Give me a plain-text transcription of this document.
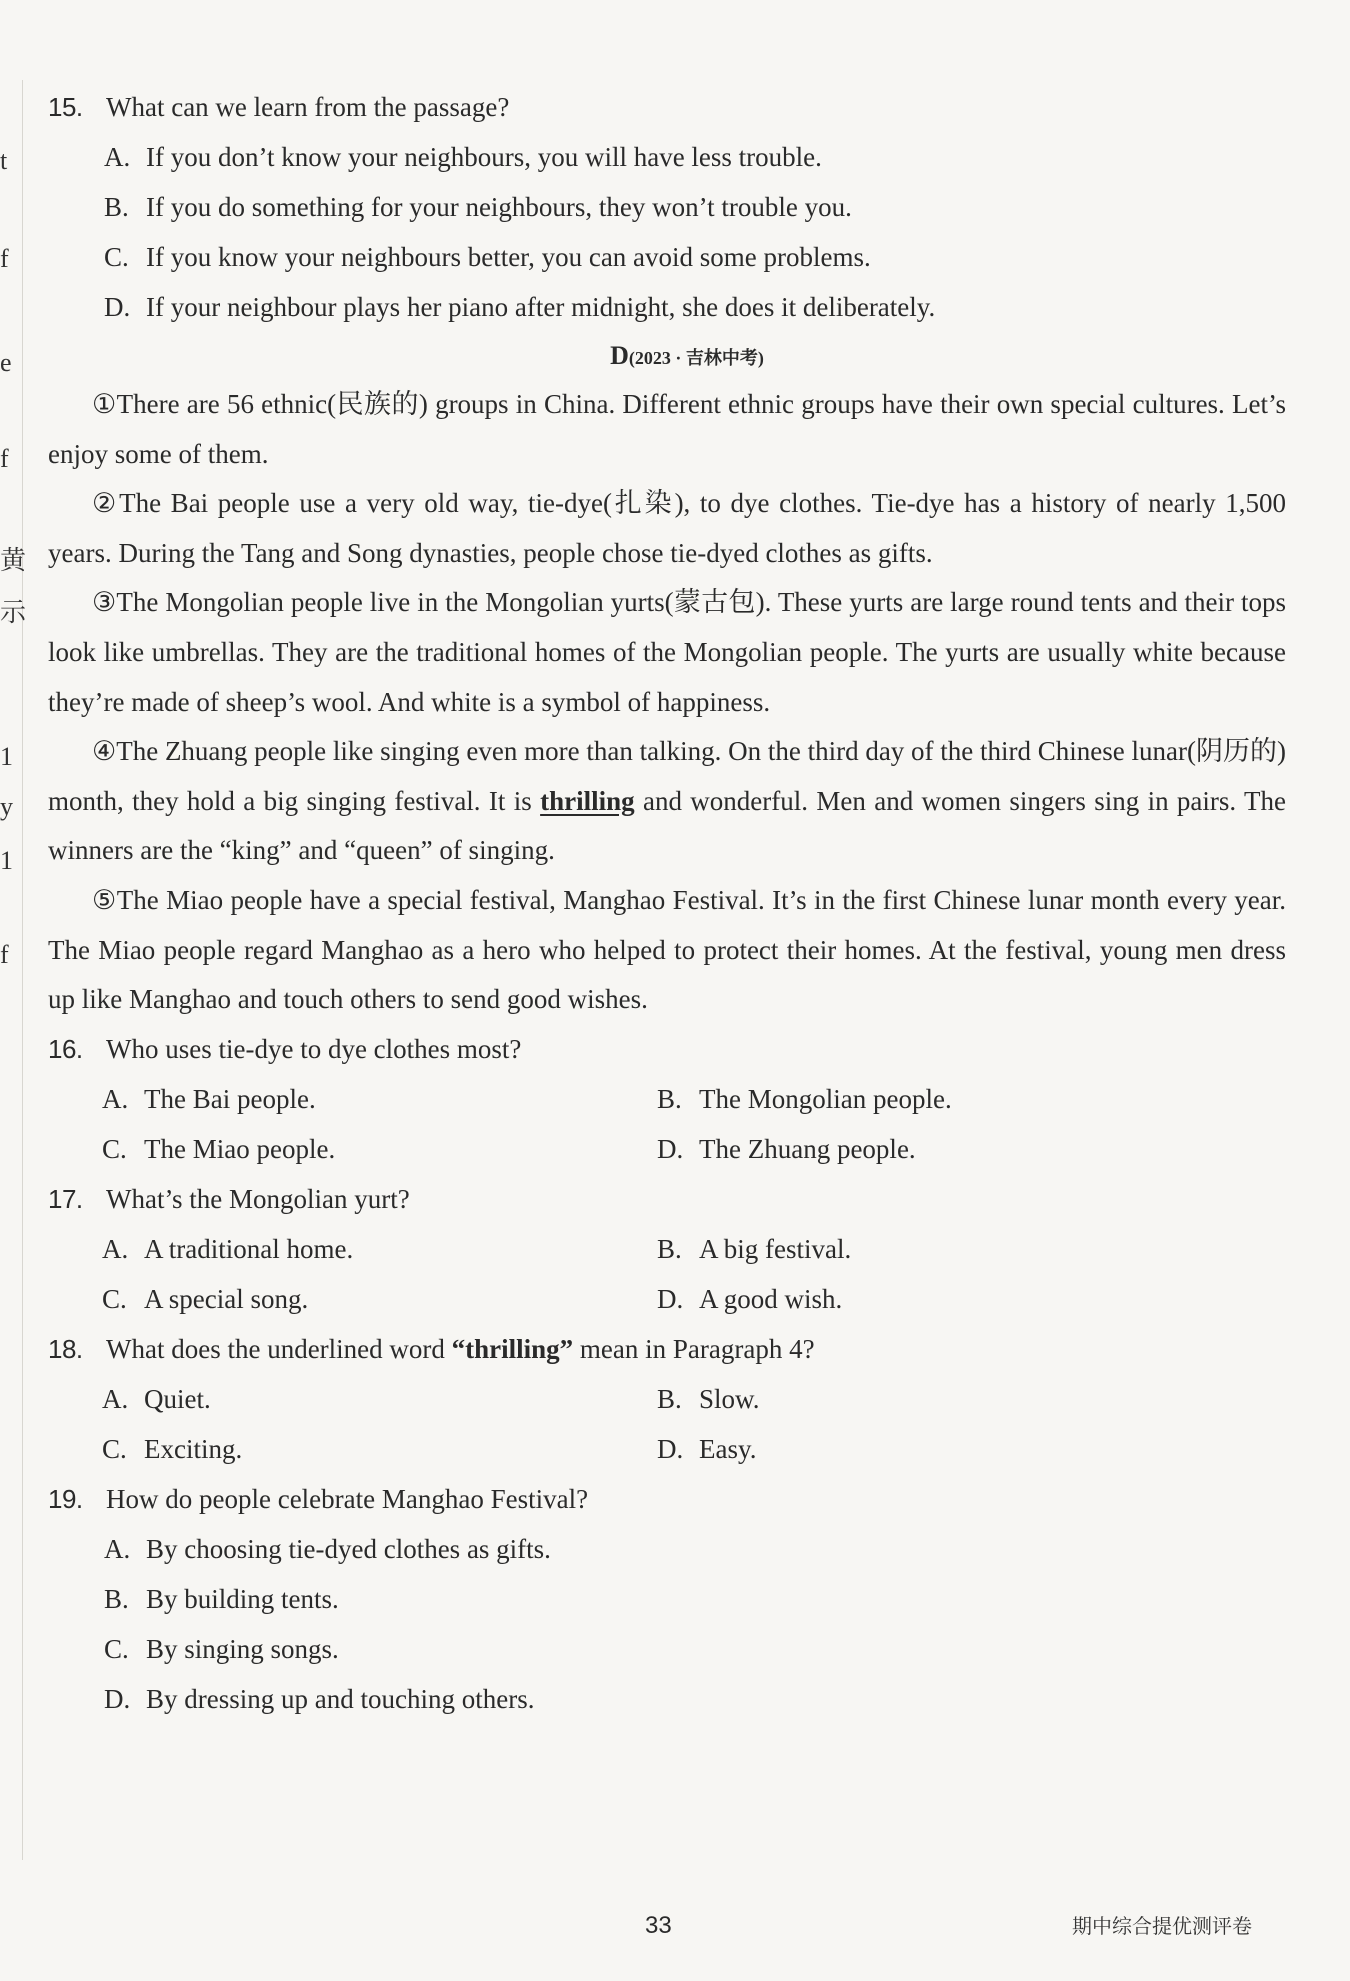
t
f
e
f
黄
示
1
y
1
f
15. What can we learn from the passage?
A. If you don’t know your neighbours, you will have less trouble.
B. If you do something for your neighbours, they won’t trouble you.
C. If you know your neighbours better, you can avoid some problems.
D. If your neighbour plays her piano after midnight, she does it deliberately.
D(2023 · 吉林中考)

①There are 56 ethnic(民族的) groups in China. Different ethnic groups have their own special cultures. Let’s enjoy some of them.

②The Bai people use a very old way, tie-dye(扎染), to dye clothes. Tie-dye has a history of nearly 1,500 years. During the Tang and Song dynasties, people chose tie-dyed clothes as gifts.

③The Mongolian people live in the Mongolian yurts(蒙古包). These yurts are large round tents and their tops look like umbrellas. They are the traditional homes of the Mongolian people. The yurts are usually white because they’re made of sheep’s wool. And white is a symbol of happiness.

④The Zhuang people like singing even more than talking. On the third day of the third Chinese lunar(阴历的) month, they hold a big singing festival. It is thrilling and wonderful. Men and women singers sing in pairs. The winners are the “king” and “queen” of singing.

⑤The Miao people have a special festival, Manghao Festival. It’s in the first Chinese lunar month every year. The Miao people regard Manghao as a hero who helped to protect their homes. At the festival, young men dress up like Manghao and touch others to send good wishes.

16. Who uses tie-dye to dye clothes most?
A. The Bai people.	B. The Mongolian people.
C. The Miao people.	D. The Zhuang people.
17. What’s the Mongolian yurt?
A. A traditional home.	B. A big festival.
C. A special song.	D. A good wish.
18. What does the underlined word “thrilling” mean in Paragraph 4?
A. Quiet.	B. Slow.
C. Exciting.	D. Easy.
19. How do people celebrate Manghao Festival?
A. By choosing tie-dyed clothes as gifts.
B. By building tents.
C. By singing songs.
D. By dressing up and touching others.
33	期中综合提优测评卷
